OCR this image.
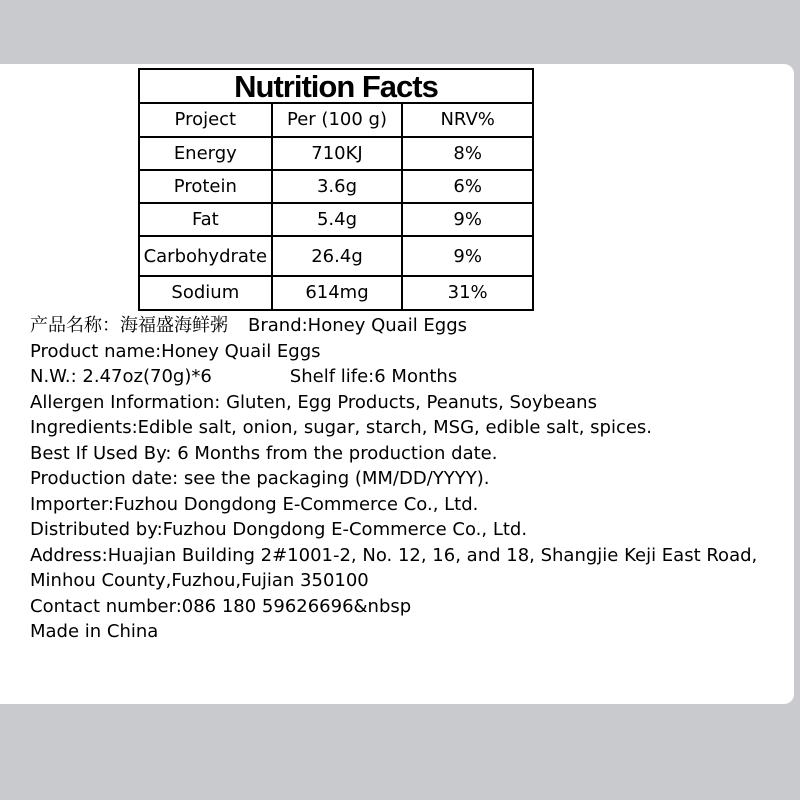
Nutrition Facts		
Project	Per (100 g)	NRV%
Energy	710KJ	8%
Protein	3.6g	6%
Fat	5.4g	9%
Carbohydrate	26.4g	9%
Sodium	614mg	31%
产品名称：海福盛海鲜粥 Brand:Honey Quail Eggs
Product name:Honey Quail Eggs
N.W.: 2.47oz(70g)*6	Shelf life:6 Months
Allergen Information: Gluten, Egg Products, Peanuts, Soybeans
Ingredients:Edible salt, onion, sugar, starch, MSG, edible salt, spices.
Best If Used By: 6 Months from the production date.
Production date: see the packaging (MM/DD/YYYY).
Importer:Fuzhou Dongdong E-Commerce Co., Ltd.
Distributed by:Fuzhou Dongdong E-Commerce Co., Ltd.
Address:Huajian Building 2#1001-2, No. 12, 16, and 18, Shangjie Keji East Road,
Minhou County,Fuzhou,Fujian 350100
Contact number:086 180 59626696&nbsp
Made in China
